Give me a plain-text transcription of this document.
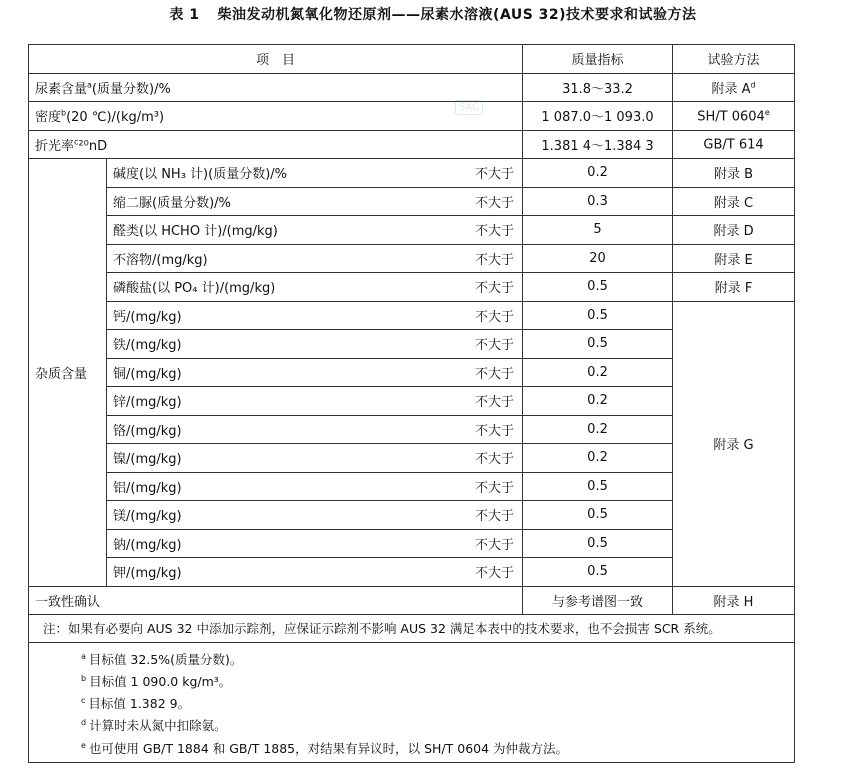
表 1 柴油发动机氮氧化物还原剂——尿素水溶液(AUS 32)技术要求和试验方法
SAC
项　目		质量指标	试验方法
尿素含量$^a$(质量分数)/%		31.8～33.2	附录 $A^d$
密度$^b$(20 ℃)/(kg/m³)		1 087.0～1 093.0	SH/T 0604e
折光率$^c$²⁰nD		1.381 4～1.384 3	GB/T 614
杂质含量	碱度(以 NH₃ 计)(质量分数)/% 不大于	0.2	附录 B

	缩二脲(质量分数)/% 不大于	0.3	附录 C

	醛类(以 HCHO 计)/(mg/kg) 不大于	5	附录 D

	不溶物/(mg/kg) 不大于	20	附录 E

	磷酸盐(以 PO₄ 计)/(mg/kg) 不大于	0.5	附录 F

	钙/(mg/kg) 不大于	0.5	附录 G

	铁/(mg/kg) 不大于	0.5	

	铜/(mg/kg) 不大于	0.2	

	锌/(mg/kg) 不大于	0.2	

	铬/(mg/kg) 不大于	0.2	

	镍/(mg/kg) 不大于	0.2	

	铝/(mg/kg) 不大于	0.5	

	镁/(mg/kg) 不大于	0.5	

	钠/(mg/kg) 不大于	0.5	

	钾/(mg/kg) 不大于	0.5	
一致性确认		与参考谱图一致	附录 H
注：如果有必要向 AUS 32 中添加示踪剂，应保证示踪剂不影响 AUS 32 满足本表中的技术要求，也不会损害 SCR 系统。			

$^a$ 目标值 32.5%(质量分数)。
$^b$ 目标值 1 090.0 kg/m³。
$^c$ 目标值 1.382 9。
$^d$ 计算时未从氮中扣除氨。
$^e$ 也可使用 GB/T 1884 和 GB/T 1885，对结果有异议时，以 SH/T 0604 为仲裁方法。			
